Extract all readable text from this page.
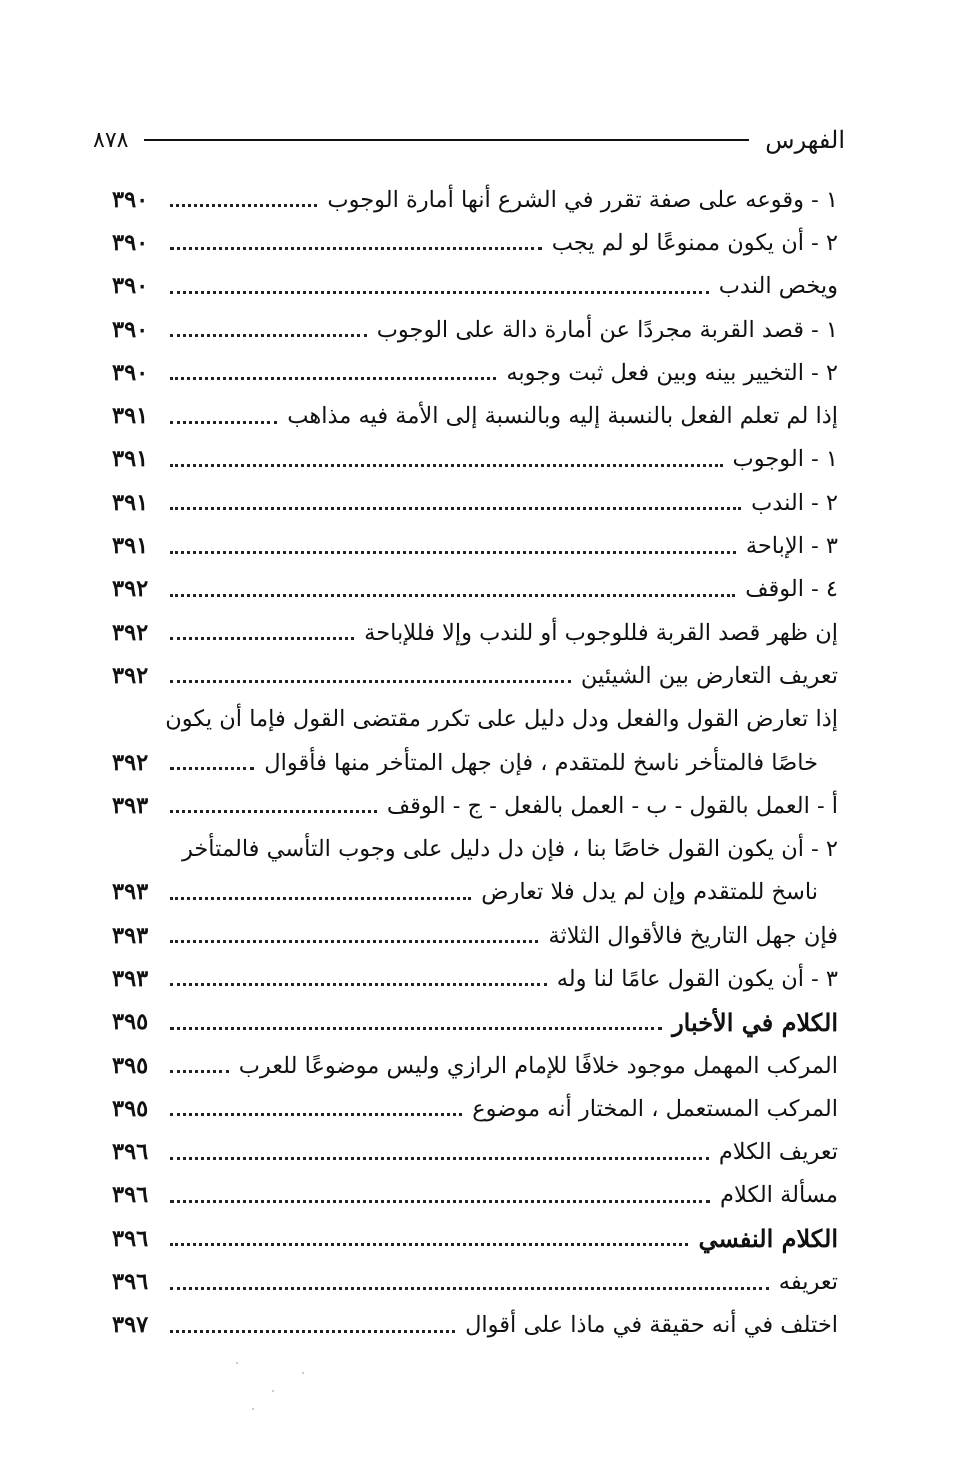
الفهرس
٨٧٨
١ - وقوعه على صفة تقرر في الشرع أنها أمارة الوجوب
٣٩٠
٢ - أن يكون ممنوعًا لو لم يجب
٣٩٠
ويخص الندب
٣٩٠
١ - قصد القربة مجردًا عن أمارة دالة على الوجوب
٣٩٠
٢ - التخيير بينه وبين فعل ثبت وجوبه
٣٩٠
إذا لم تعلم الفعل بالنسبة إليه وبالنسبة إلى الأمة فيه مذاهب
٣٩١
١ - الوجوب
٣٩١
٢ - الندب
٣٩١
٣ - الإباحة
٣٩١
٤ - الوقف
٣٩٢
إن ظهر قصد القربة فللوجوب أو للندب وإلا فللإباحة
٣٩٢
تعريف التعارض بين الشيئين
٣٩٢
إذا تعارض القول والفعل ودل دليل على تكرر مقتضى القول فإما أن يكون
خاصًا فالمتأخر ناسخ للمتقدم ، فإن جهل المتأخر منها فأقوال
٣٩٢
أ - العمل بالقول - ب - العمل بالفعل - ج - الوقف
٣٩٣
٢ - أن يكون القول خاصًا بنا ، فإن دل دليل على وجوب التأسي فالمتأخر
ناسخ للمتقدم وإن لم يدل فلا تعارض
٣٩٣
فإن جهل التاريخ فالأقوال الثلاثة
٣٩٣
٣ - أن يكون القول عامًا لنا وله
٣٩٣
الكلام في الأخبار
٣٩٥
المركب المهمل موجود خلافًا للإمام الرازي وليس موضوعًا للعرب
٣٩٥
المركب المستعمل ، المختار أنه موضوع
٣٩٥
تعريف الكلام
٣٩٦
مسألة الكلام
٣٩٦
الكلام النفسي
٣٩٦
تعريفه
٣٩٦
اختلف في أنه حقيقة في ماذا على أقوال
٣٩٧
